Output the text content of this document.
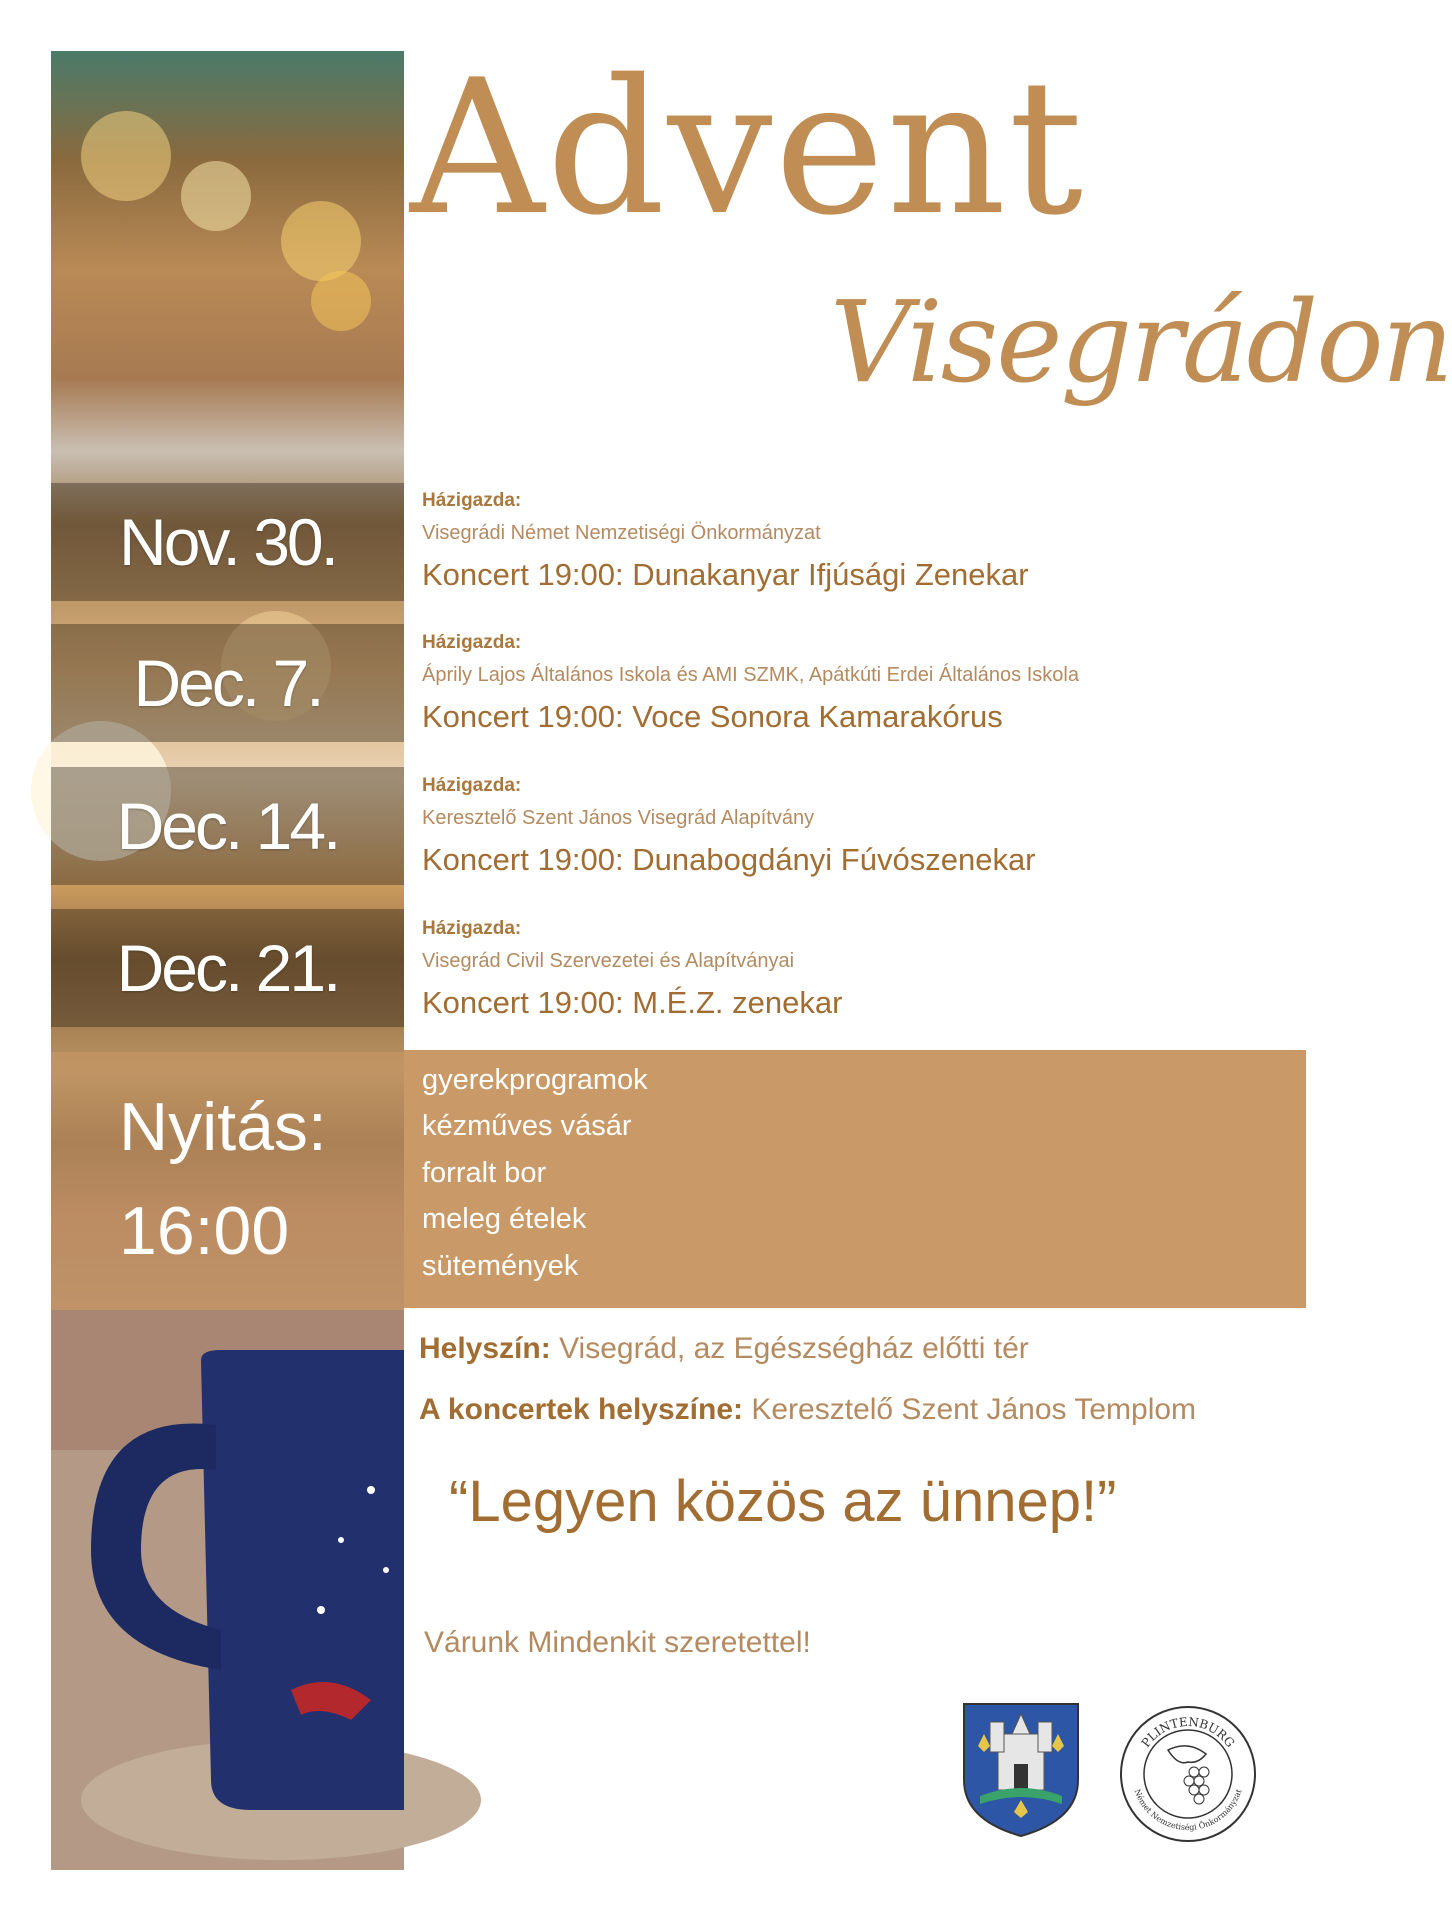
Nov. 30.
Dec. 7.
Dec. 14.
Dec. 21.
Nyitás:
16:00
Advent
Visegrádon
Házigazda:
Visegrádi Német Nemzetiségi Önkormányzat
Koncert 19:00: Dunakanyar Ifjúsági Zenekar
Házigazda:
Áprily Lajos Általános Iskola és AMI SZMK, Apátkúti Erdei Általános Iskola
Koncert 19:00: Voce Sonora Kamarakórus
Házigazda:
Keresztelő Szent János Visegrád Alapítvány
Koncert 19:00: Dunabogdányi Fúvószenekar
Házigazda:
Visegrád Civil Szervezetei és Alapítványai
Koncert 19:00: M.É.Z. zenekar
gyerekprogramok
kézműves vásár
forralt bor
meleg ételek
sütemények
Helyszín: Visegrád, az Egészségház előtti tér
A koncertek helyszíne: Keresztelő Szent János Templom
“Legyen közös az ünnep!”
Várunk Mindenkit szeretettel!
PLINTENBURG
Német Nemzetiségi Önkormányzat
